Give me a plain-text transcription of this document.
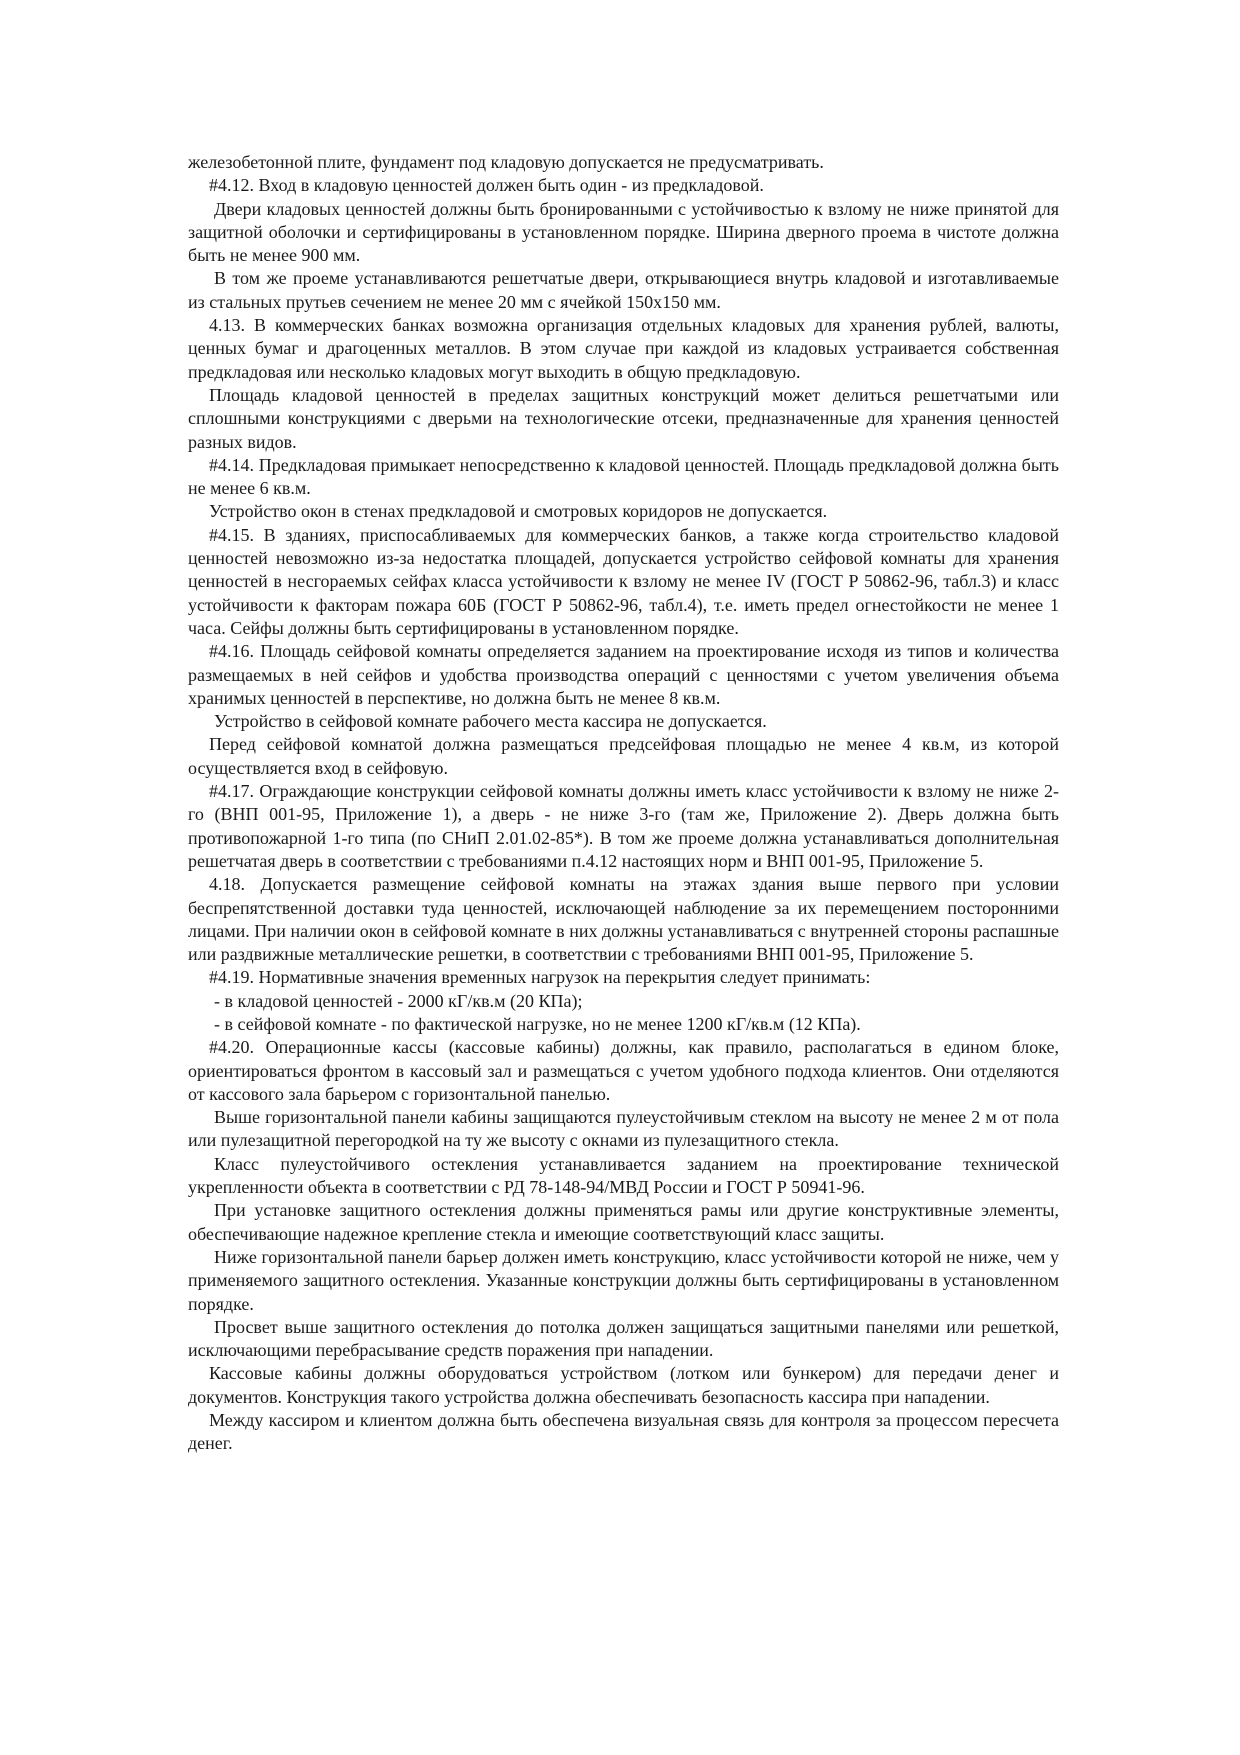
железобетонной плите, фундамент под кладовую допускается не предусматривать.

#4.12. Вход в кладовую ценностей должен быть один - из предкладовой.

Двери кладовых ценностей должны быть бронированными с устойчивостью к взлому не ниже принятой для защитной оболочки и сертифицированы в установленном порядке. Ширина дверного проема в чистоте должна быть не менее 900 мм.

В том же проеме устанавливаются решетчатые двери, открывающиеся внутрь кладовой и изготавливаемые из стальных прутьев сечением не менее 20 мм с ячейкой 150х150 мм.

4.13. В коммерческих банках возможна организация отдельных кладовых для хранения рублей, валюты, ценных бумаг и драгоценных металлов. В этом случае при каждой из кладовых устраивается собственная предкладовая или несколько кладовых могут выходить в общую предкладовую.

Площадь кладовой ценностей в пределах защитных конструкций может делиться решетчатыми или сплошными конструкциями с дверьми на технологические отсеки, предназначенные для хранения ценностей разных видов.

#4.14. Предкладовая примыкает непосредственно к кладовой ценностей. Площадь предкладовой должна быть не менее 6 кв.м.

Устройство окон в стенах предкладовой и смотровых коридоров не допускается.

#4.15. В зданиях, приспосабливаемых для коммерческих банков, а также когда строительство кладовой ценностей невозможно из-за недостатка площадей, допускается устройство сейфовой комнаты для хранения ценностей в несгораемых сейфах класса устойчивости к взлому не менее IV (ГОСТ Р 50862-96, табл.3) и класс устойчивости к факторам пожара 60Б (ГОСТ Р 50862-96, табл.4), т.е. иметь предел огнестойкости не менее 1 часа. Сейфы должны быть сертифицированы в установленном порядке.

#4.16. Площадь сейфовой комнаты определяется заданием на проектирование исходя из типов и количества размещаемых в ней сейфов и удобства производства операций с ценностями с учетом увеличения объема хранимых ценностей в перспективе, но должна быть не менее 8 кв.м.

Устройство в сейфовой комнате рабочего места кассира не допускается.

Перед сейфовой комнатой должна размещаться предсейфовая площадью не менее 4 кв.м, из которой осуществляется вход в сейфовую.

#4.17. Ограждающие конструкции сейфовой комнаты должны иметь класс устойчивости к взлому не ниже 2-го (ВНП 001-95, Приложение 1), а дверь - не ниже 3-го (там же, Приложение 2). Дверь должна быть противопожарной 1-го типа (по СНиП 2.01.02-85*). В том же проеме должна устанавливаться дополнительная решетчатая дверь в соответствии с требованиями п.4.12 настоящих норм и ВНП 001-95, Приложение 5.

4.18. Допускается размещение сейфовой комнаты на этажах здания выше первого при условии беспрепятственной доставки туда ценностей, исключающей наблюдение за их перемещением посторонними лицами. При наличии окон в сейфовой комнате в них должны устанавливаться с внутренней стороны распашные или раздвижные металлические решетки, в соответствии с требованиями ВНП 001-95, Приложение 5.

#4.19. Нормативные значения временных нагрузок на перекрытия следует принимать:

- в кладовой ценностей - 2000 кГ/кв.м (20 КПа);

- в сейфовой комнате - по фактической нагрузке, но не менее 1200 кГ/кв.м (12 КПа).

#4.20. Операционные кассы (кассовые кабины) должны, как правило, располагаться в едином блоке, ориентироваться фронтом в кассовый зал и размещаться с учетом удобного подхода клиентов. Они отделяются от кассового зала барьером с горизонтальной панелью.

Выше горизонтальной панели кабины защищаются пулеустойчивым стеклом на высоту не менее 2 м от пола или пулезащитной перегородкой на ту же высоту с окнами из пулезащитного стекла.

Класс пулеустойчивого остекления устанавливается заданием на проектирование технической укрепленности объекта в соответствии с РД 78-148-94/МВД России и ГОСТ Р 50941-96.

При установке защитного остекления должны применяться рамы или другие конструктивные элементы, обеспечивающие надежное крепление стекла и имеющие соответствующий класс защиты.

Ниже горизонтальной панели барьер должен иметь конструкцию, класс устойчивости которой не ниже, чем у применяемого защитного остекления. Указанные конструкции должны быть сертифицированы в установленном порядке.

Просвет выше защитного остекления до потолка должен защищаться защитными панелями или решеткой, исключающими перебрасывание средств поражения при нападении.

Кассовые кабины должны оборудоваться устройством (лотком или бункером) для передачи денег и документов. Конструкция такого устройства должна обеспечивать безопасность кассира при нападении.

Между кассиром и клиентом должна быть обеспечена визуальная связь для контроля за процессом пересчета денег.
